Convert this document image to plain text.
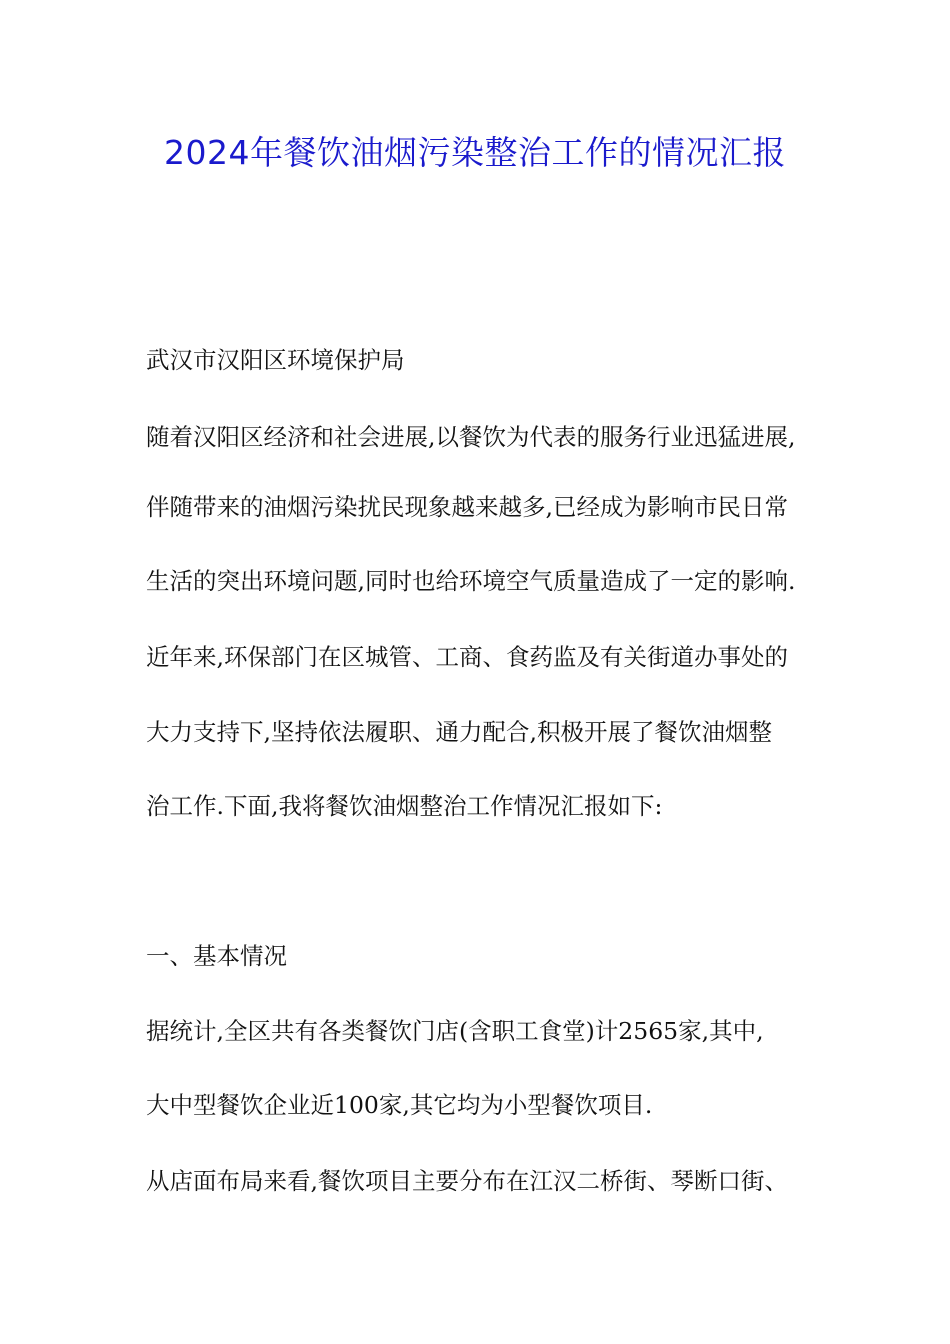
2024年餐饮油烟污染整治工作的情况汇报
武汉市汉阳区环境保护局
随着汉阳区经济和社会进展,以餐饮为代表的服务行业迅猛进展,
伴随带来的油烟污染扰民现象越来越多,已经成为影响市民日常
生活的突出环境问题,同时也给环境空气质量造成了一定的影响.
近年来,环保部门在区城管、工商、食药监及有关街道办事处的
大力支持下,坚持依法履职、通力配合,积极开展了餐饮油烟整
治工作.下面,我将餐饮油烟整治工作情况汇报如下:
一、基本情况
据统计,全区共有各类餐饮门店(含职工食堂)计2565家,其中,
大中型餐饮企业近100家,其它均为小型餐饮项目.
从店面布局来看,餐饮项目主要分布在江汉二桥街、琴断口街、
